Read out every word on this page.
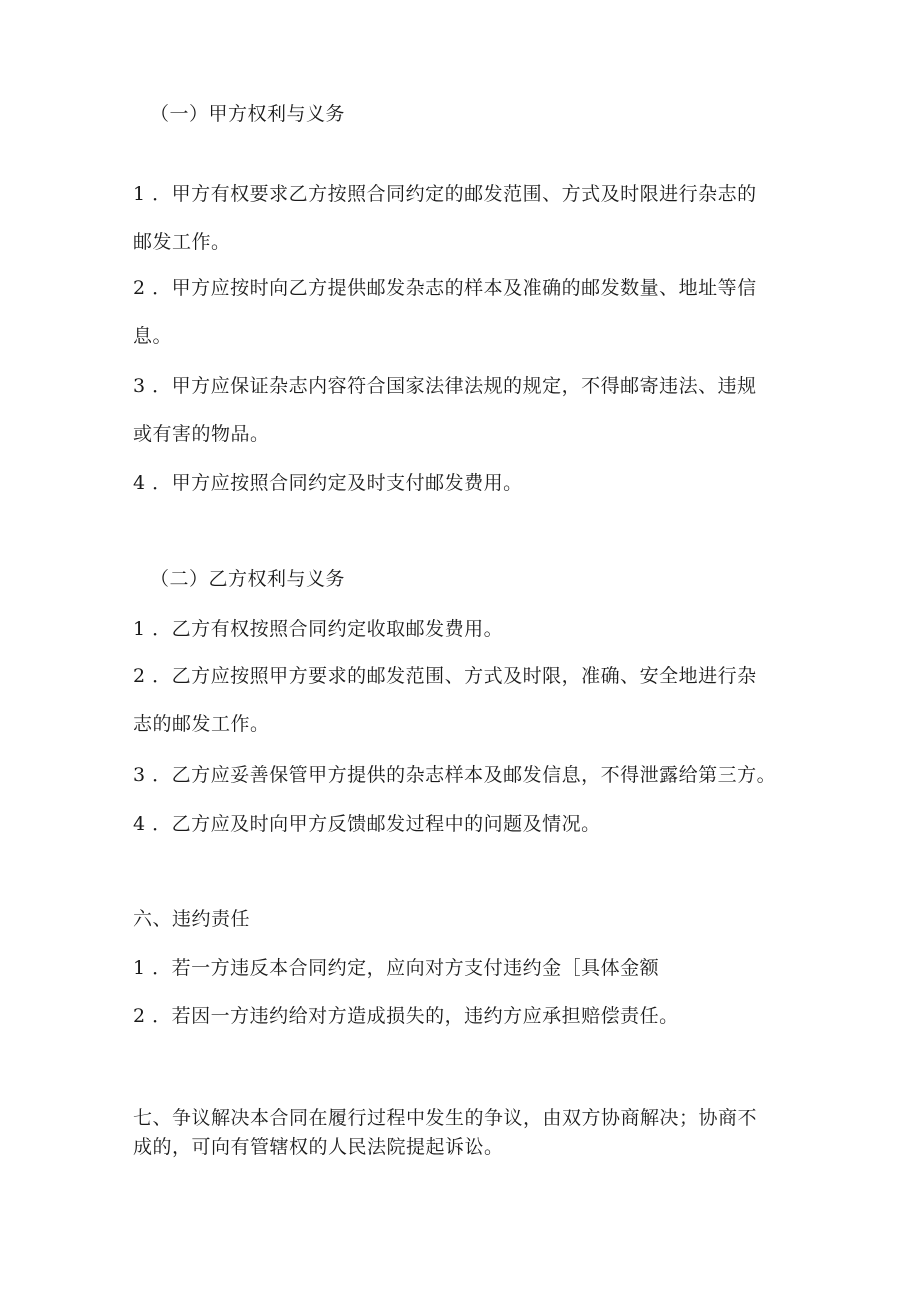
（一）甲方权利与义务
1 ．甲方有权要求乙方按照合同约定的邮发范围、方式及时限进行杂志的
邮发工作。
2 ．甲方应按时向乙方提供邮发杂志的样本及准确的邮发数量、地址等信
息。
3 ．甲方应保证杂志内容符合国家法律法规的规定，不得邮寄违法、违规
或有害的物品。
4 ．甲方应按照合同约定及时支付邮发费用。
（二）乙方权利与义务
1 ．乙方有权按照合同约定收取邮发费用。
2 ．乙方应按照甲方要求的邮发范围、方式及时限，准确、安全地进行杂
志的邮发工作。
3 ．乙方应妥善保管甲方提供的杂志样本及邮发信息，不得泄露给第三方。
4 ．乙方应及时向甲方反馈邮发过程中的问题及情况。
六、违约责任
1 ．若一方违反本合同约定，应向对方支付违约金［具体金额
2 ．若因一方违约给对方造成损失的，违约方应承担赔偿责任。
七、争议解决本合同在履行过程中发生的争议，由双方协商解决；协商不
成的，可向有管辖权的人民法院提起诉讼。
